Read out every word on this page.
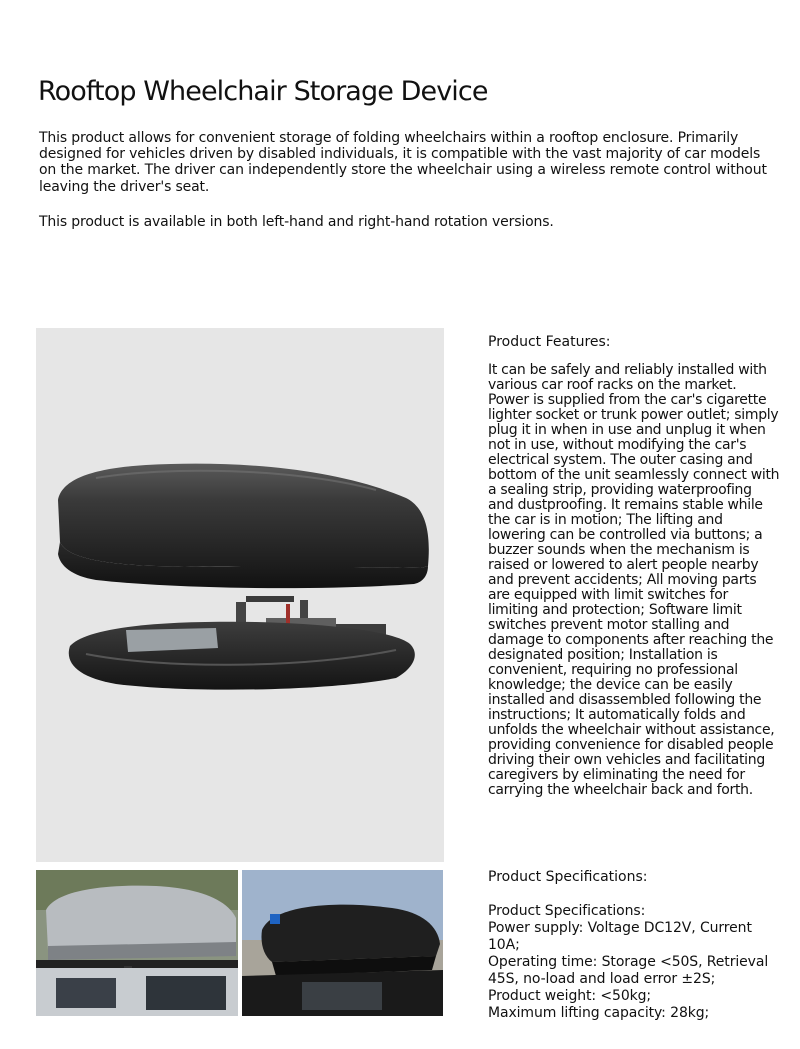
Rooftop Wheelchair Storage Device

This product allows for convenient storage of folding wheelchairs within a rooftop enclosure. Primarily designed for vehicles driven by disabled individuals, it is compatible with the vast majority of car models on the market. The driver can independently store the wheelchair using a wireless remote control without leaving the driver's seat.

This product is available in both left-hand and right-hand rotation versions.

Product Features:
It can be safely and reliably installed with various car roof racks on the market. Power is supplied from the car's cigarette lighter socket or trunk power outlet; simply plug it in when in use and unplug it when not in use, without modifying the car's electrical system. The outer casing and bottom of the unit seamlessly connect with a sealing strip, providing waterproofing and dustproofing. It remains stable while the car is in motion; The lifting and lowering can be controlled via buttons; a buzzer sounds when the mechanism is raised or lowered to alert people nearby and prevent accidents; All moving parts are equipped with limit switches for limiting and protection; Software limit switches prevent motor stalling and damage to components after reaching the designated position; Installation is convenient, requiring no professional knowledge; the device can be easily installed and disassembled following the instructions; It automatically folds and unfolds the wheelchair without assistance, providing convenience for disabled people driving their own vehicles and facilitating caregivers by eliminating the need for carrying the wheelchair back and forth.
Product Specifications:
Product Specifications:
Power supply: Voltage DC12V, Current 10A;
Operating time: Storage <50S, Retrieval 45S, no-load and load error ±2S;
Product weight: <50kg;
Maximum lifting capacity: 28kg;
